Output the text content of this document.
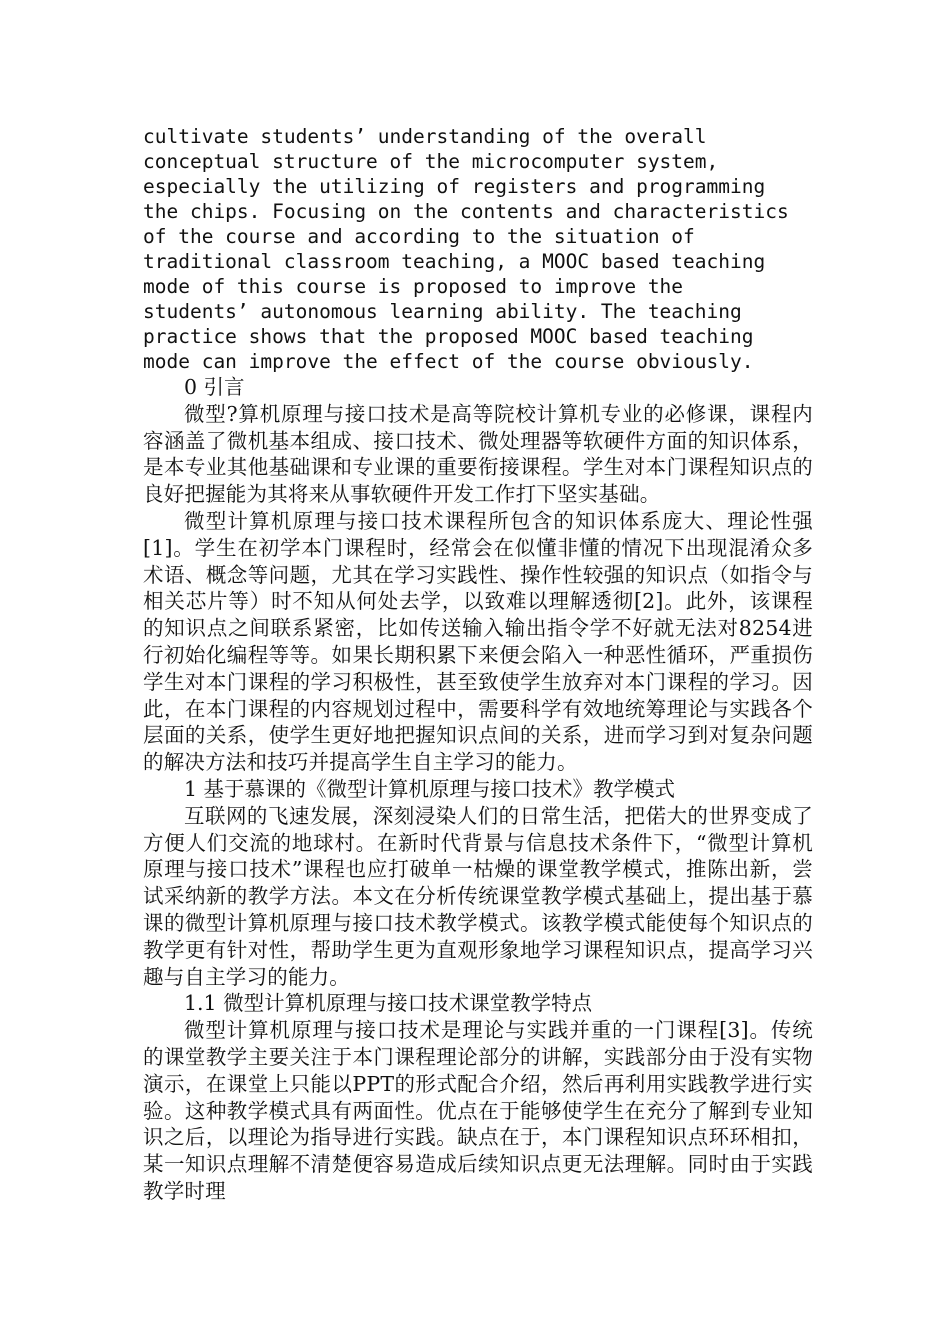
cultivate students’ understanding of the overall
conceptual structure of the microcomputer system,
especially the utilizing of registers and programming
the chips. Focusing on the contents and characteristics
of the course and according to the situation of
traditional classroom teaching, a MOOC based teaching
mode of this course is proposed to improve the
students’ autonomous learning ability. The teaching
practice shows that the proposed MOOC based teaching
mode can improve the effect of the course obviously.

0 引言

微型?算机原理与接口技术是高等院校计算机专业的必修课，课程内容涵盖了微机基本组成、接口技术、微处理器等软硬件方面的知识体系，是本专业其他基础课和专业课的重要衔接课程。学生对本门课程知识点的良好把握能为其将来从事软硬件开发工作打下坚实基础。

微型计算机原理与接口技术课程所包含的知识体系庞大、理论性强[1]。学生在初学本门课程时，经常会在似懂非懂的情况下出现混淆众多术语、概念等问题，尤其在学习实践性、操作性较强的知识点（如指令与相关芯片等）时不知从何处去学，以致难以理解透彻[2]。此外，该课程的知识点之间联系紧密，比如传送输入输出指令学不好就无法对8254进行初始化编程等等。如果长期积累下来便会陷入一种恶性循环，严重损伤学生对本门课程的学习积极性，甚至致使学生放弃对本门课程的学习。因此，在本门课程的内容规划过程中，需要科学有效地统筹理论与实践各个层面的关系，使学生更好地把握知识点间的关系，进而学习到对复杂问题的解决方法和技巧并提高学生自主学习的能力。

1 基于慕课的《微型计算机原理与接口技术》教学模式

互联网的飞速发展，深刻浸染人们的日常生活，把偌大的世界变成了方便人们交流的地球村。在新时代背景与信息技术条件下，“微型计算机原理与接口技术”课程也应打破单一枯燥的课堂教学模式，推陈出新，尝试采纳新的教学方法。本文在分析传统课堂教学模式基础上，提出基于慕课的微型计算机原理与接口技术教学模式。该教学模式能使每个知识点的教学更有针对性，帮助学生更为直观形象地学习课程知识点，提高学习兴趣与自主学习的能力。

1.1 微型计算机原理与接口技术课堂教学特点

微型计算机原理与接口技术是理论与实践并重的一门课程[3]。传统的课堂教学主要关注于本门课程理论部分的讲解，实践部分由于没有实物演示，在课堂上只能以PPT的形式配合介绍，然后再利用实践教学进行实验。这种教学模式具有两面性。优点在于能够使学生在充分了解到专业知识之后，以理论为指导进行实践。缺点在于，本门课程知识点环环相扣，某一知识点理解不清楚便容易造成后续知识点更无法理解。同时由于实践教学时理
